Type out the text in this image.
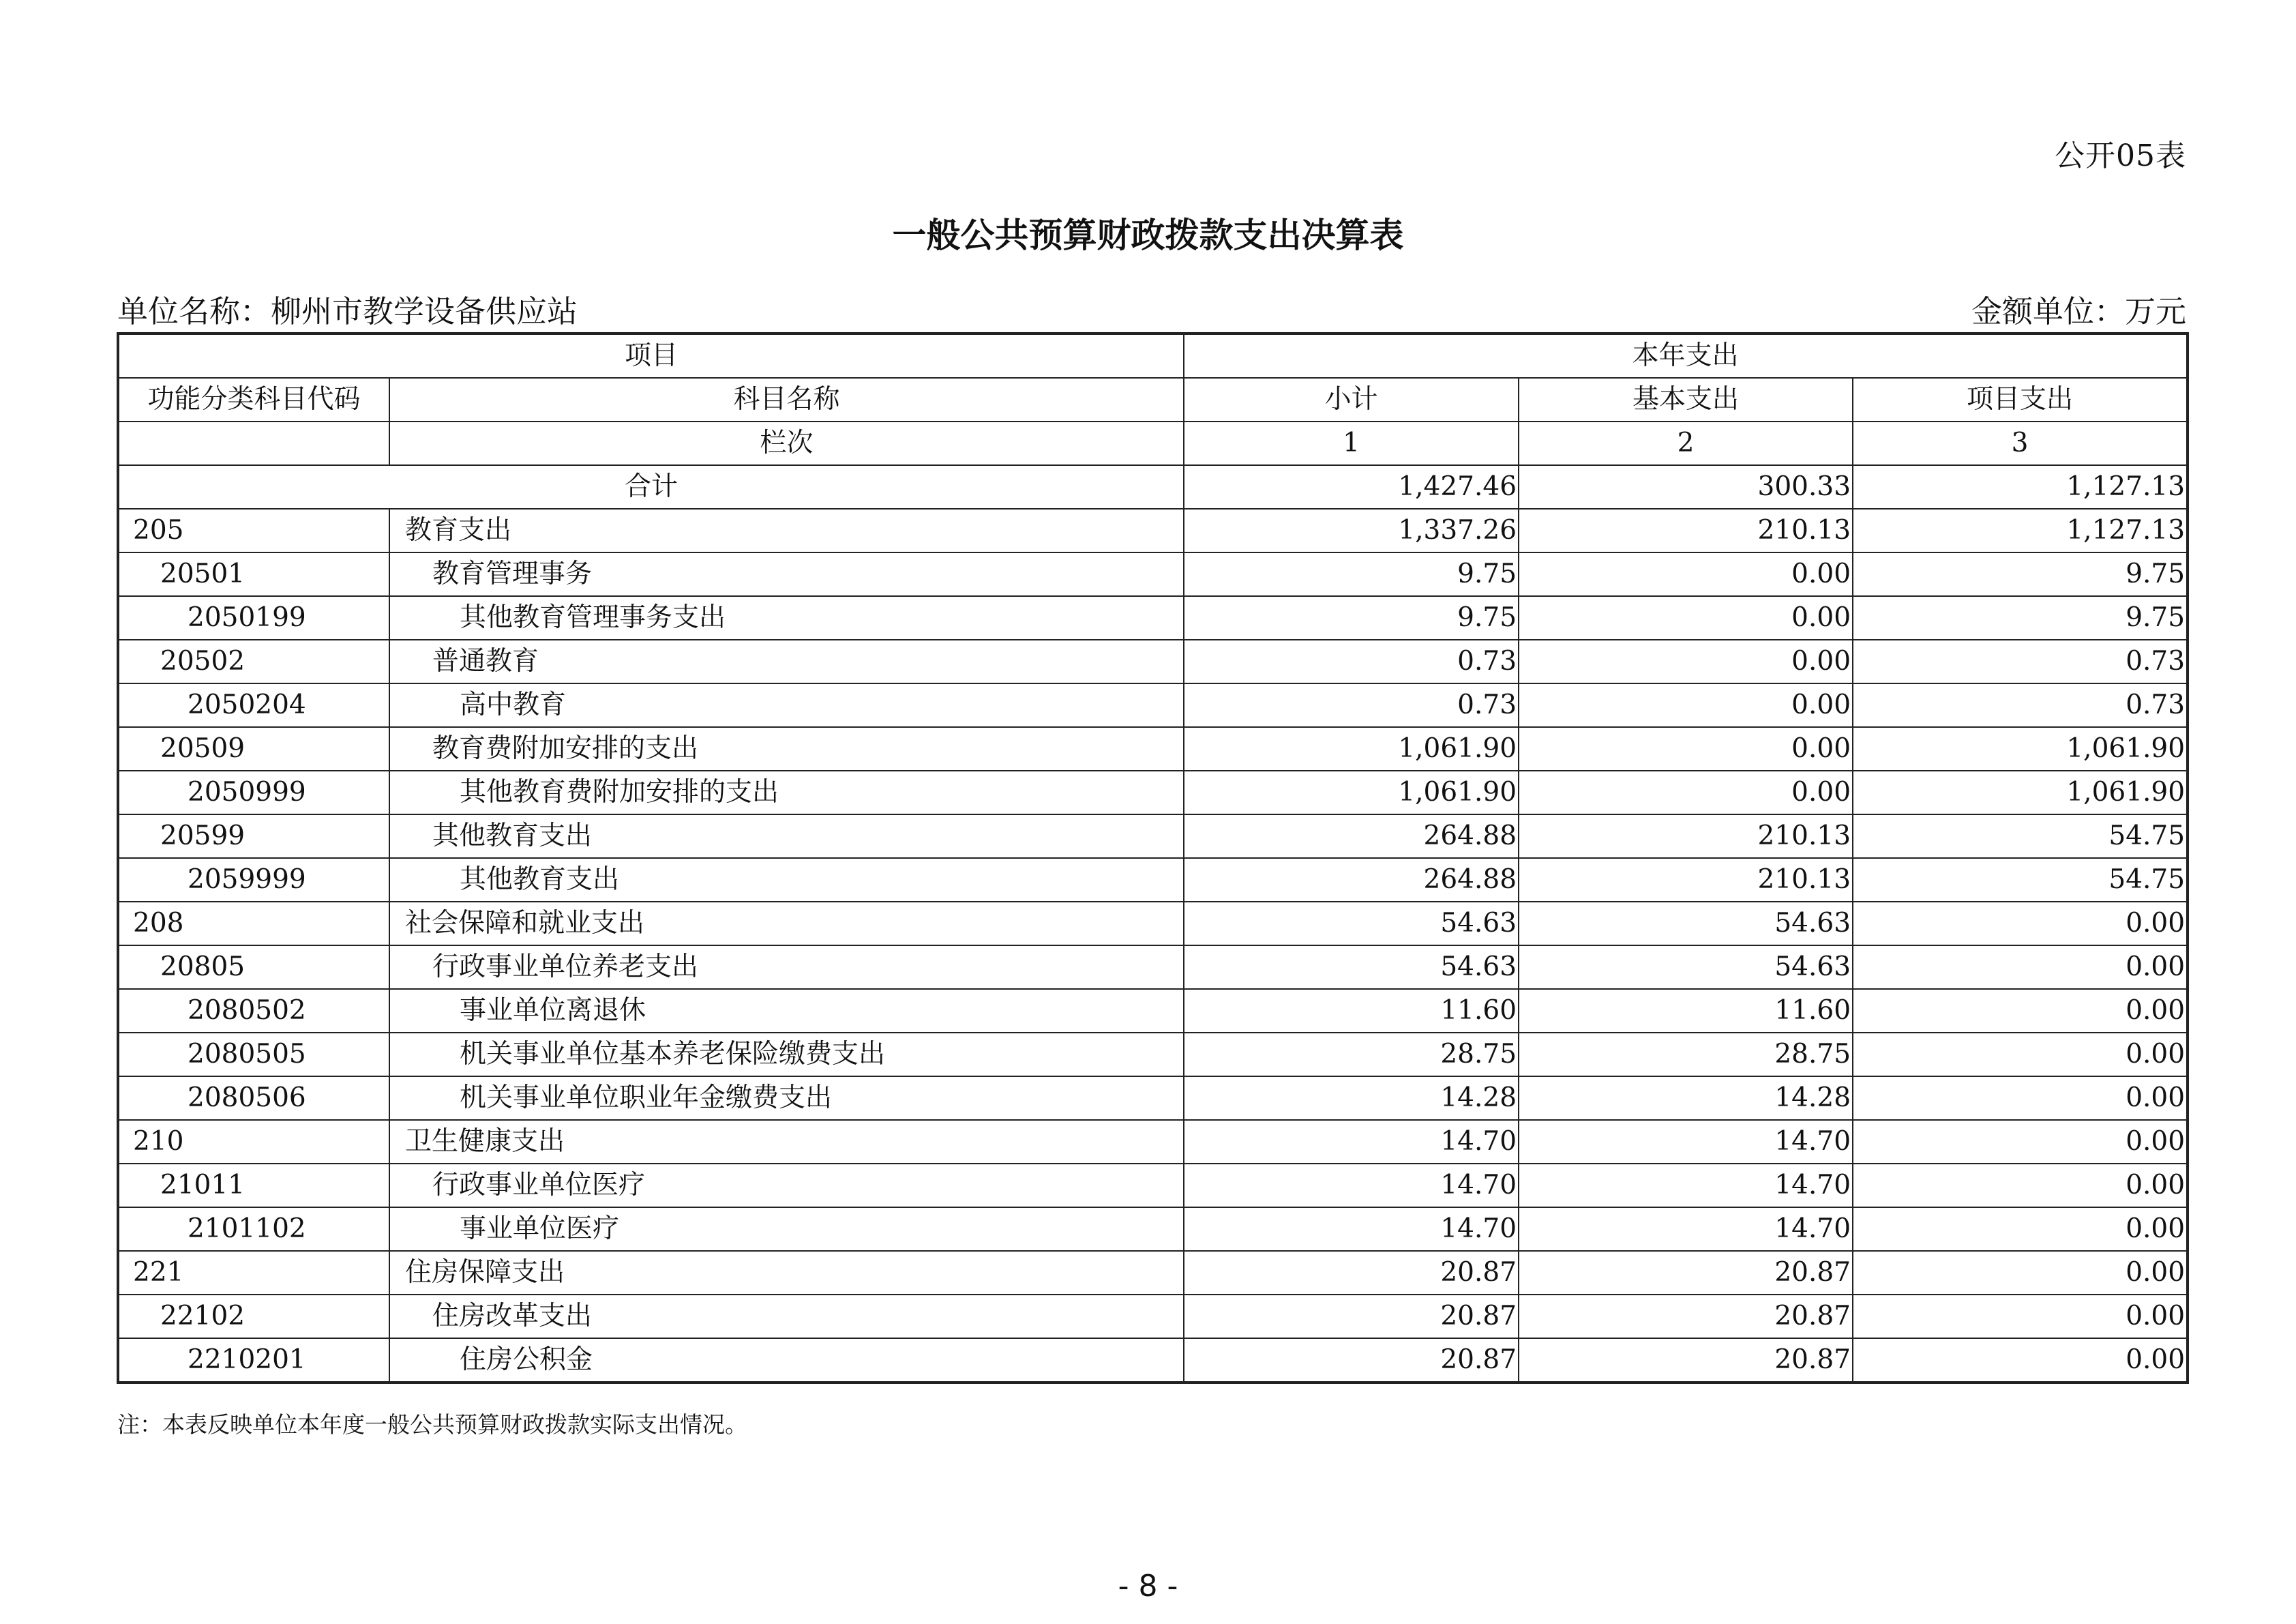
公开05表
一般公共预算财政拨款支出决算表
单位名称：柳州市教学设备供应站	金额单位：万元
项目		本年支出		
功能分类科目代码	科目名称	小计	基本支出	项目支出
	栏次	1	2	3
合计		1,427.46	300.33	1,127.13
205	教育支出	1,337.26	210.13	1,127.13
20501	教育管理事务	9.75	0.00	9.75
2050199	其他教育管理事务支出	9.75	0.00	9.75
20502	普通教育	0.73	0.00	0.73
2050204	高中教育	0.73	0.00	0.73
20509	教育费附加安排的支出	1,061.90	0.00	1,061.90
2050999	其他教育费附加安排的支出	1,061.90	0.00	1,061.90
20599	其他教育支出	264.88	210.13	54.75
2059999	其他教育支出	264.88	210.13	54.75
208	社会保障和就业支出	54.63	54.63	0.00
20805	行政事业单位养老支出	54.63	54.63	0.00
2080502	事业单位离退休	11.60	11.60	0.00
2080505	机关事业单位基本养老保险缴费支出	28.75	28.75	0.00
2080506	机关事业单位职业年金缴费支出	14.28	14.28	0.00
210	卫生健康支出	14.70	14.70	0.00
21011	行政事业单位医疗	14.70	14.70	0.00
2101102	事业单位医疗	14.70	14.70	0.00
221	住房保障支出	20.87	20.87	0.00
22102	住房改革支出	20.87	20.87	0.00
2210201	住房公积金	20.87	20.87	0.00
注：本表反映单位本年度一般公共预算财政拨款实际支出情况。
- 8 -
